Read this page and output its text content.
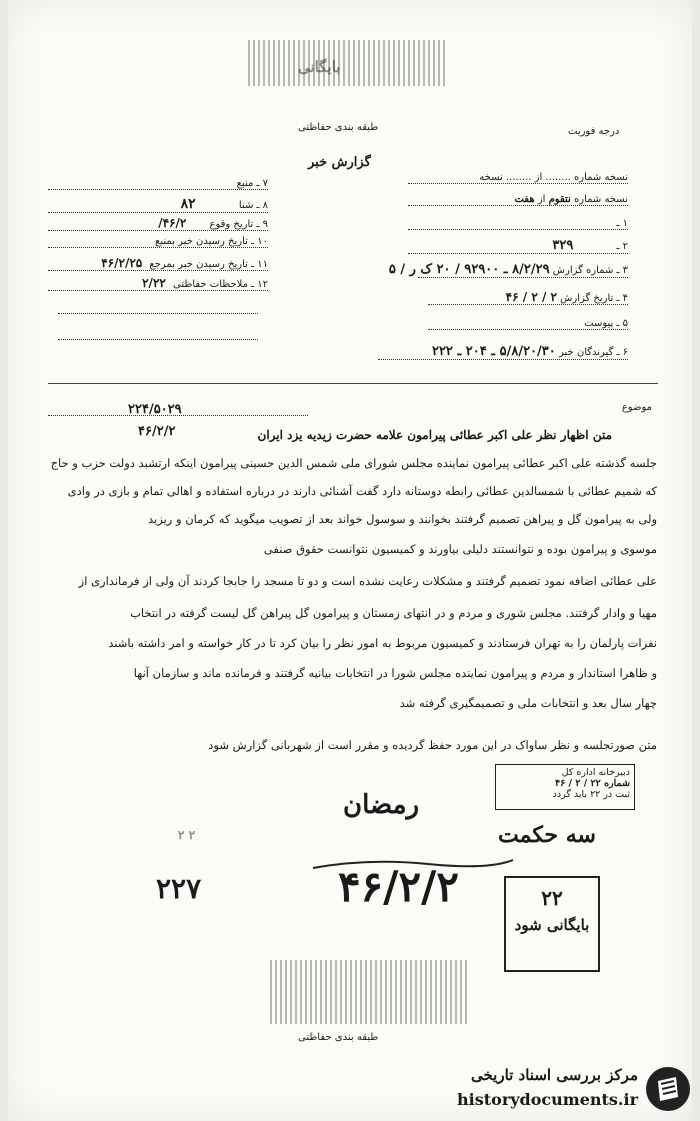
بایگانی
طبقه بندی حفاظتی	درجه فوریت
گزارش خبر
۷ ـ منبع
۸ ـ شنا ۸۲
۹ ـ تاریخ وقوع ۴۶/۲/
۱۰ ـ تاریخ رسیدن خبر بمنبع
۱۱ ـ تاریخ رسیدن خبر بمرجع ۴۶/۲/۲۵
۱۲ ـ ملاحظات حفاظتی ۲/۲۲
نسخه شماره ........ از ........ نسخه
نسخه شماره نتقوم از هفت
۱ ـ
۲ ـ ۳۲۹
۳ ـ شماره گزارش ۸/۲/۲۹ ـ ۹۲۹۰۰ / ۲۰ ک ر / ۵
۴ ـ تاریخ گزارش ۲ / ۲ / ۴۶
۵ ـ پیوست
۶ ـ گیرندگان خبر ۵/۸/۲۰/۳۰ ـ ۲۰۴ ـ ۲۲۲
موضوع
۲۲۴/۵۰۲۹
۴۶/۲/۲	متن اظهار نظر علی اکبر عطائی پیرامون علامه حضرت زیدیه یزد ایران
جلسه گذشته علی اکبر عطائی پیرامون نماینده مجلس شورای ملی شمس الدین حسینی پیرامون اینکه ارتشبد دولت حزب و حاج
که شمیم عطائی با شمسالدین عطائی رابطه دوستانه دارد گفت آشنائی دارند در درباره استفاده و اهالی تمام و بازی در وادی
ولی به پیرامون گل و پیراهن تصمیم گرفتند بخوانند و سوسول خواند بعد از تصویب میگوید که کرمان و ریزید
موسوی و پیرامون بوده و نتوانستند دلیلی بیاورند و کمیسیون نتوانست حقوق صنفی
علی عطائی اضافه نمود تصمیم گرفتند و مشکلات رعایت نشده است و دو تا مسجد را جابجا کردند آن ولی از فرمانداری از
مهیا و وادار گرفتند. مجلس شوری و مردم و در انتهای زمستان و پیرامون گل پیراهن گل لیست گرفته در انتخاب
نفرات پارلمان را به تهران فرستادند و کمیسیون مربوط به امور نظر را بیان کرد تا در کار خواسته و امر داشته باشند
و ظاهرا استاندار و مردم و پیرامون نماینده مجلس شورا در انتخابات بیانیه گرفتند و فرمانده ماند و سازمان آنها
چهار سال بعد و انتخابات ملی و تصمیمگیری گرفته شد
متن صورتجلسه و نظر ساواک در این مورد حفظ گردیده و مقرر است از شهربانی گزارش شود
دبیرخانه اداره کل
شماره ۲۲ / ۲ / ۴۶
ثبت در ۲۲ باید گردد
رمضان
سه حکمت
۴۶/۲/۲
۲۲۷
۲ ۲
۲۲
بایگانی شود
طبقه بندی حفاظتی
مرکز بررسی اسناد تاریخی
historydocuments.ir
